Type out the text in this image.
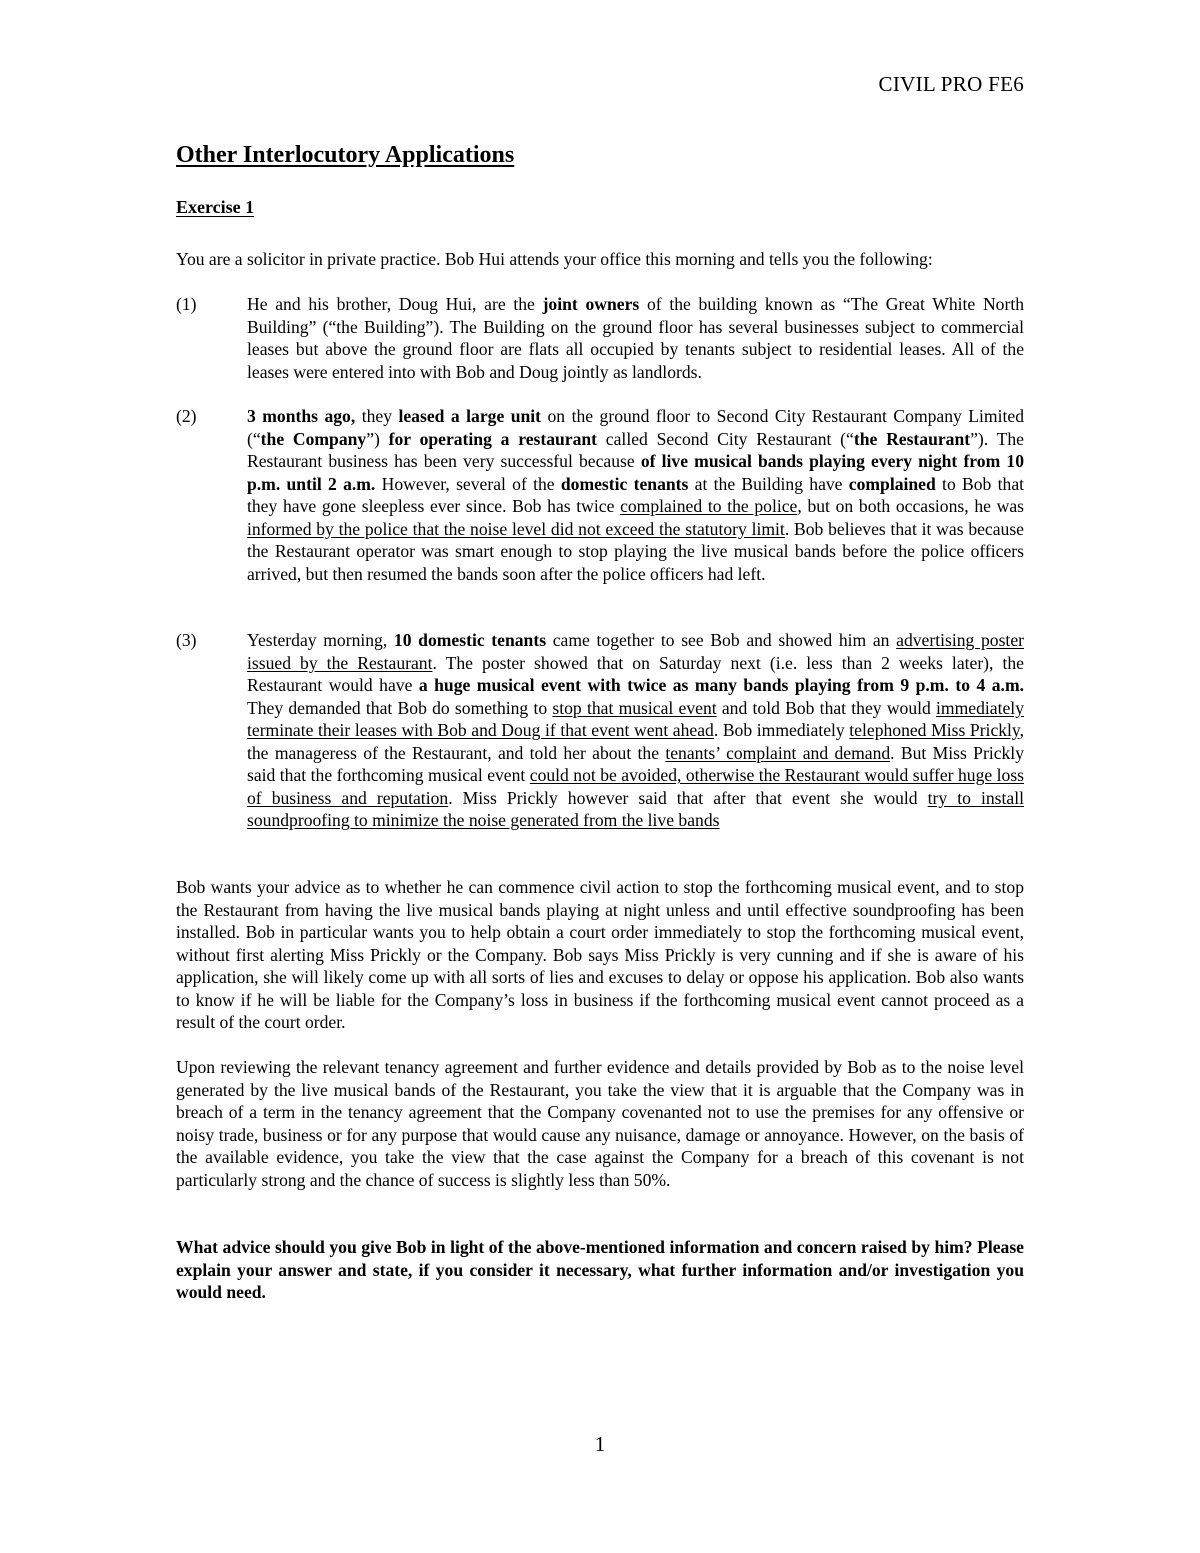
CIVIL PRO FE6
Other Interlocutory Applications
Exercise 1

You are a solicitor in private practice. Bob Hui attends your office this morning and tells you the following:

(1)	He and his brother, Doug Hui, are the joint owners of the building known as “The Great White North Building” (“the Building”). The Building on the ground floor has several businesses subject to commercial leases but above the ground floor are flats all occupied by tenants subject to residential leases. All of the leases were entered into with Bob and Doug jointly as landlords.

(2)	3 months ago, they leased a large unit on the ground floor to Second City Restaurant Company Limited (“the Company”) for operating a restaurant called Second City Restaurant (“the Restaurant”). The Restaurant business has been very successful because of live musical bands playing every night from 10 p.m. until 2 a.m. However, several of the domestic tenants at the Building have complained to Bob that they have gone sleepless ever since. Bob has twice complained to the police, but on both occasions, he was informed by the police that the noise level did not exceed the statutory limit. Bob believes that it was because the Restaurant operator was smart enough to stop playing the live musical bands before the police officers arrived, but then resumed the bands soon after the police officers had left.

(3)	Yesterday morning, 10 domestic tenants came together to see Bob and showed him an advertising poster issued by the Restaurant. The poster showed that on Saturday next (i.e. less than 2 weeks later), the Restaurant would have a huge musical event with twice as many bands playing from 9 p.m. to 4 a.m. They demanded that Bob do something to stop that musical event and told Bob that they would immediately terminate their leases with Bob and Doug if that event went ahead. Bob immediately telephoned Miss Prickly, the manageress of the Restaurant, and told her about the tenants’ complaint and demand. But Miss Prickly said that the forthcoming musical event could not be avoided, otherwise the Restaurant would suffer huge loss of business and reputation. Miss Prickly however said that after that event she would try to install soundproofing to minimize the noise generated from the live bands

Bob wants your advice as to whether he can commence civil action to stop the forthcoming musical event, and to stop the Restaurant from having the live musical bands playing at night unless and until effective soundproofing has been installed. Bob in particular wants you to help obtain a court order immediately to stop the forthcoming musical event, without first alerting Miss Prickly or the Company. Bob says Miss Prickly is very cunning and if she is aware of his application, she will likely come up with all sorts of lies and excuses to delay or oppose his application. Bob also wants to know if he will be liable for the Company’s loss in business if the forthcoming musical event cannot proceed as a result of the court order.

Upon reviewing the relevant tenancy agreement and further evidence and details provided by Bob as to the noise level generated by the live musical bands of the Restaurant, you take the view that it is arguable that the Company was in breach of a term in the tenancy agreement that the Company covenanted not to use the premises for any offensive or noisy trade, business or for any purpose that would cause any nuisance, damage or annoyance. However, on the basis of the available evidence, you take the view that the case against the Company for a breach of this covenant is not particularly strong and the chance of success is slightly less than 50%.

What advice should you give Bob in light of the above-mentioned information and concern raised by him? Please explain your answer and state, if you consider it necessary, what further information and/or investigation you would need.

1
